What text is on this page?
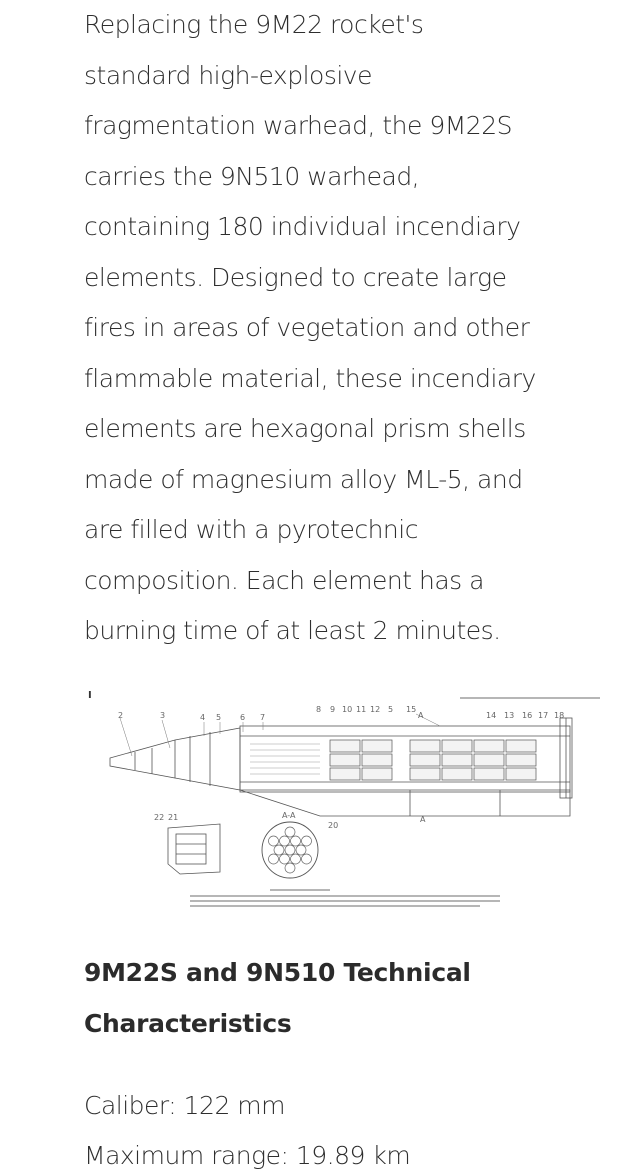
Replacing the 9M22 rocket's
standard high-explosive
fragmentation warhead, the 9M22S
carries the 9N510 warhead,
containing 180 individual incendiary
elements. Designed to create large
fires in areas of vegetation and other
flammable material, these incendiary
elements are hexagonal prism shells
made of magnesium alloy ML-5, and
are filled with a pyrotechnic
composition. Each element has a
burning time of at least 2 minutes.

I
2	3	4 5 6 7
8 9 10 11 12 5 15
A	14 13 16 17 18
22 21
20
A-A	A
9M22S and 9N510 Technical
Characteristics

Caliber: 122 mm

Maximum range: 19.89 km
